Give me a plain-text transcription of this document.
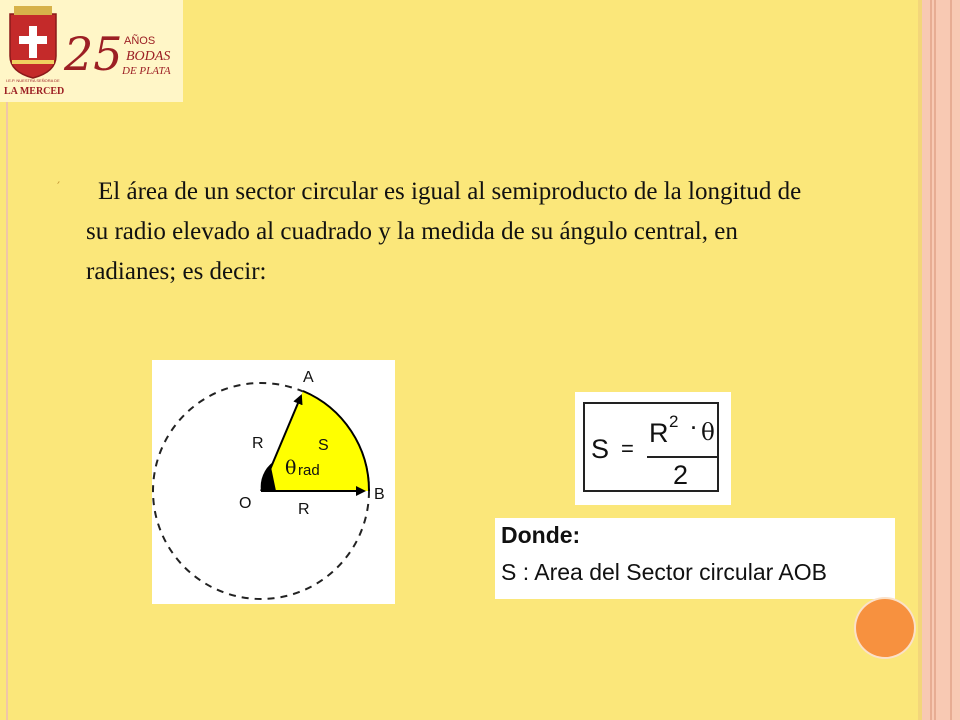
25 AÑOS
BODAS
DE PLATA
I.E.P. NUESTRA SEÑORA DE
LA MERCED
′	El área de un sector circular es igual al semiproducto de la longitud de su radio elevado al cuadrado y la medida de su ángulo central, en radianes; es decir:

A
B
O
R
R
S
θ rad
S =
R 2 · θ
2
Donde:
S : Area del Sector circular AOB
